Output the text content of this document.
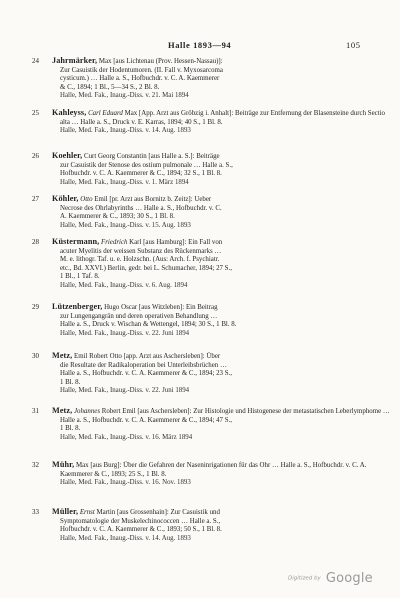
Halle 1893—94	105
24 Jahrmärker, Max [aus Lichtenau (Prov. Hessen-Nassau)]:
Zur Casuistik der Hodentumoren. (II. Fall v. Myxosarcoma
cysticum.) … Halle a. S., Hofbuchdr. v. C. A. Kaemmerer
& C., 1894; 1 Bl., 5—34 S., 2 Bl. 8.
Halle, Med. Fak., Inaug.-Diss. v. 21. Mai 1894
25 Kahleyss, Carl Eduard Max [App. Arzt aus Gröbzig i. Anhalt]: Beiträge zur Entfernung der Blasensteine durch Sectio
alta … Halle a. S., Druck v. E. Karras, 1894; 40 S., 1 Bl. 8.
Halle, Med. Fak., Inaug.-Diss. v. 14. Aug. 1893
26 Koehler, Curt Georg Constantin [aus Halle a. S.]: Beiträge
zur Casuistik der Stenose des ostium pulmonale … Halle a. S.,
Hofbuchdr. v. C. A. Kaemmerer & C., 1894; 32 S., 1 Bl. 8.
Halle, Med. Fak., Inaug.-Diss. v. 1. März 1894
27 Köhler, Otto Emil [pr. Arzt aus Bornitz b. Zeitz]: Ueber
Necrose des Ohrlabyrinths … Halle a. S., Hofbuchdr. v. C.
A. Kaemmerer & C., 1893; 30 S., 1 Bl. 8.
Halle, Med. Fak., Inaug.-Diss. v. 15. Aug. 1893
28 Küstermann, Friedrich Karl [aus Hamburg]: Ein Fall von
acuter Myelitis der weissen Substanz des Rückenmarks …
M. e. lithogr. Taf. u. e. Holzschn. (Aus: Arch. f. Psychiatr.
etc., Bd. XXVI.) Berlin, gedr. bei L. Schumacher, 1894; 27 S.,
1 Bl., 1 Taf. 8.
Halle, Med. Fak., Inaug.-Diss. v. 6. Aug. 1894
29 Lützenberger, Hugo Oscar [aus Witzleben]: Ein Beitrag
zur Lungengangrän und deren operativen Behandlung …
Halle a. S., Druck v. Wischan & Wettengel, 1894; 30 S., 1 Bl. 8.
Halle, Med. Fak., Inaug.-Diss. v. 22. Juni 1894
30 Metz, Emil Robert Otto [app. Arzt aus Aschersleben]: Über
die Resultate der Radikaloperation bei Unterleibsbrüchen …
Halle a. S., Hofbuchdr. v. C. A. Kaemmerer & C., 1894; 23 S.,
1 Bl. 8.
Halle, Med. Fak., Inaug.-Diss. v. 22. Juni 1894
31 Metz, Johannes Robert Emil [aus Aschersleben]: Zur Histologie und Histogenese der metastatischen Leberlymphome …
Halle a. S., Hofbuchdr. v. C. A. Kaemmerer & C., 1894; 47 S.,
1 Bl. 8.
Halle, Med. Fak., Inaug.-Diss. v. 16. März 1894
32 Mühr, Max [aus Burg]: Über die Gefahren der Naseninrigationen für das Ohr … Halle a. S., Hofbuchdr. v. C. A.
Kaemmerer & C., 1893; 25 S., 1 Bl. 8.
Halle, Med. Fak., Inaug.-Diss. v. 16. Nov. 1893
33 Müller, Ernst Martin [aus Grossenhain]: Zur Casuistik und
Symptomatologie der Muskelechinococcen … Halle a. S.,
Hofbuchdr. v. C. A. Kaemmerer & C., 1893; 50 S., 1 Bl. 8.
Halle, Med. Fak., Inaug.-Diss. v. 14. Aug. 1893
Digitized by Google
